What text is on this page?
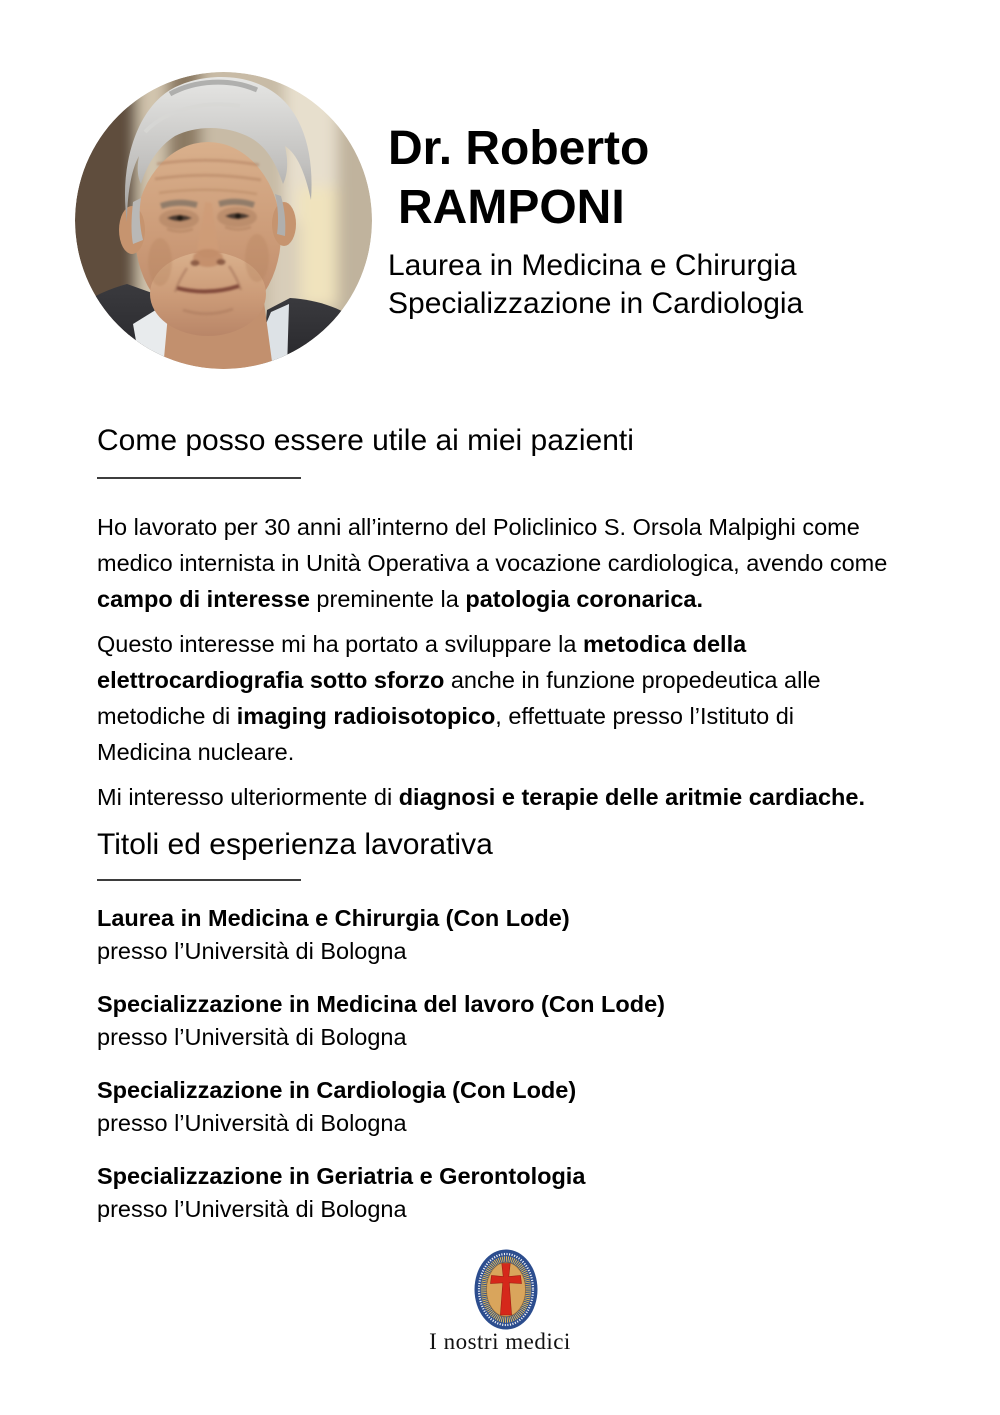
Dr. Roberto
RAMPONI
Laurea in Medicina e Chirurgia
Specializzazione in Cardiologia
Come posso essere utile ai miei pazienti

Ho lavorato per 30 anni all’interno del Policlinico S. Orsola Malpighi come medico internista in Unità Operativa a vocazione cardiologica, avendo come campo di interesse preminente la patologia coronarica.

Questo interesse mi ha portato a sviluppare la metodica della elettrocardiografia sotto sforzo anche in funzione propedeutica alle metodiche di imaging radioisotopico, effettuate presso l’Istituto di Medicina nucleare.

Mi interesso ulteriormente di diagnosi e terapie delle aritmie cardiache.

Titoli ed esperienza lavorativa
Laurea in Medicina e Chirurgia (Con Lode)
presso l’Università di Bologna
Specializzazione in Medicina del lavoro (Con Lode)
presso l’Università di Bologna
Specializzazione in Cardiologia (Con Lode)
presso l’Università di Bologna
Specializzazione in Geriatria e Gerontologia
presso l’Università di Bologna
I nostri medici
